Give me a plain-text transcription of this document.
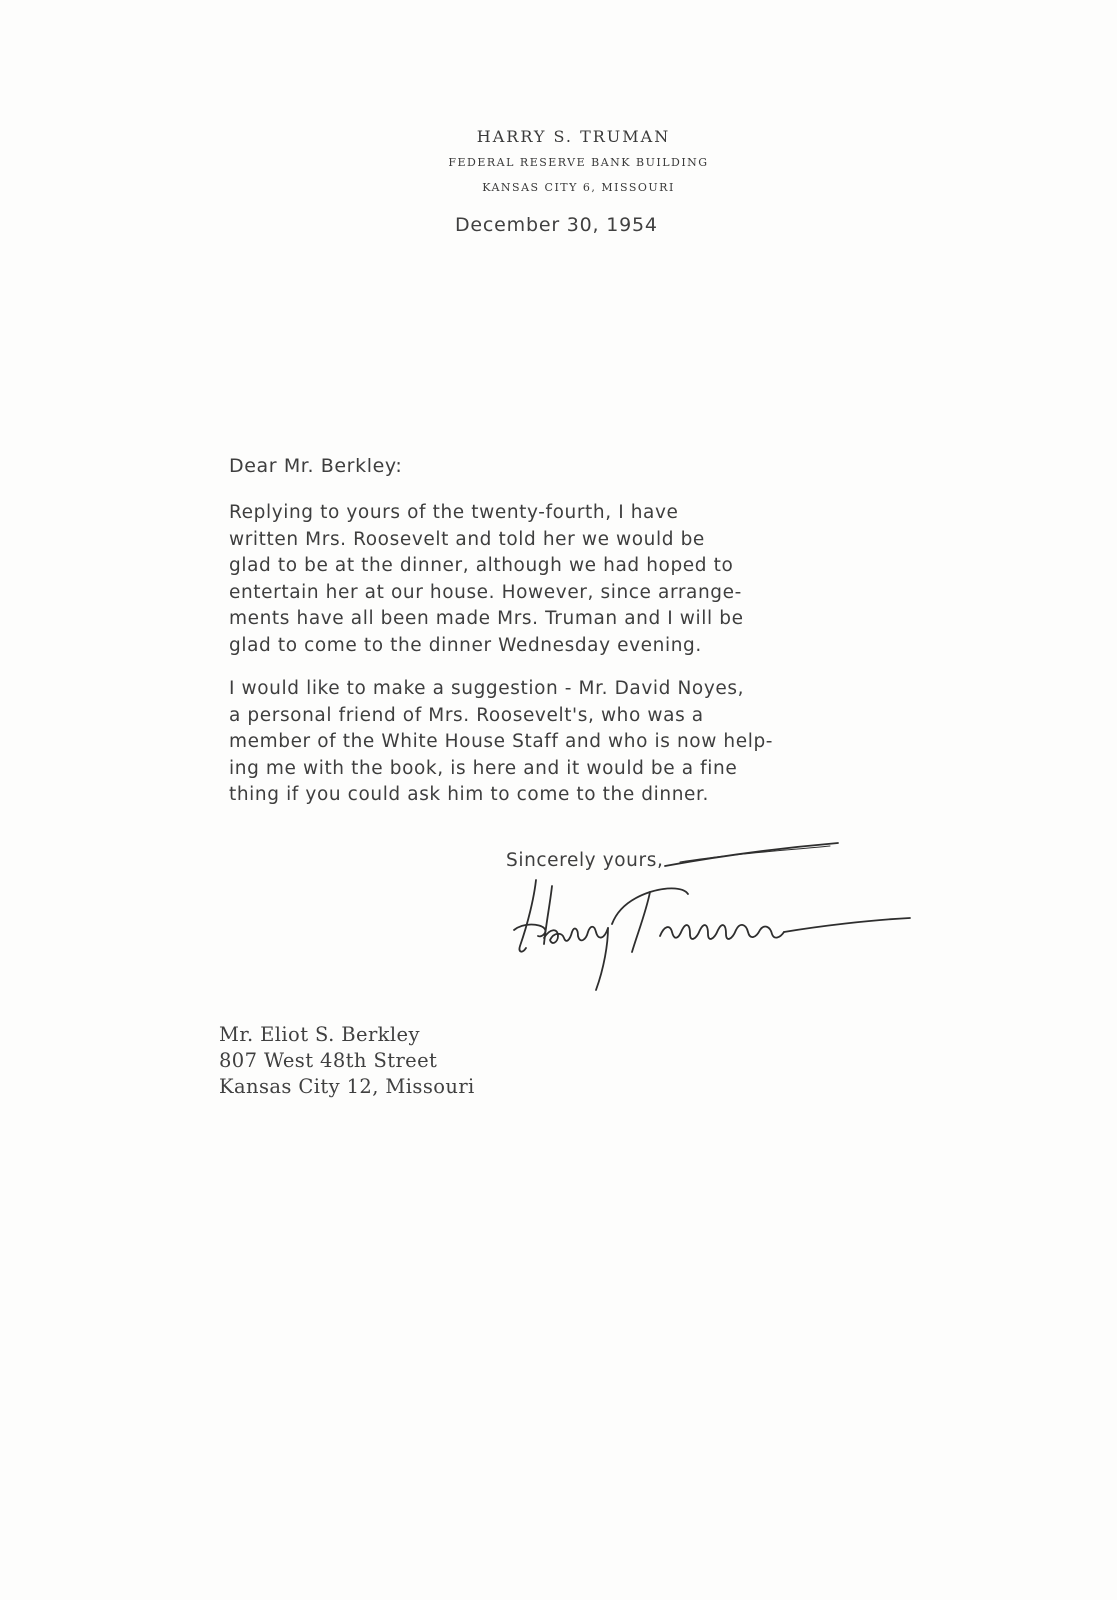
HARRY S. TRUMAN
FEDERAL RESERVE BANK BUILDING
KANSAS CITY 6, MISSOURI
December 30, 1954
Dear Mr. Berkley:
Replying to yours of the twenty-fourth, I have
written Mrs. Roosevelt and told her we would be
glad to be at the dinner, although we had hoped to
entertain her at our house. However, since arrange-
ments have all been made Mrs. Truman and I will be
glad to come to the dinner Wednesday evening.
I would like to make a suggestion - Mr. David Noyes,
a personal friend of Mrs. Roosevelt's, who was a
member of the White House Staff and who is now help-
ing me with the book, is here and it would be a fine
thing if you could ask him to come to the dinner.
Sincerely yours,
Mr. Eliot S. Berkley
807 West 48th Street
Kansas City 12, Missouri
